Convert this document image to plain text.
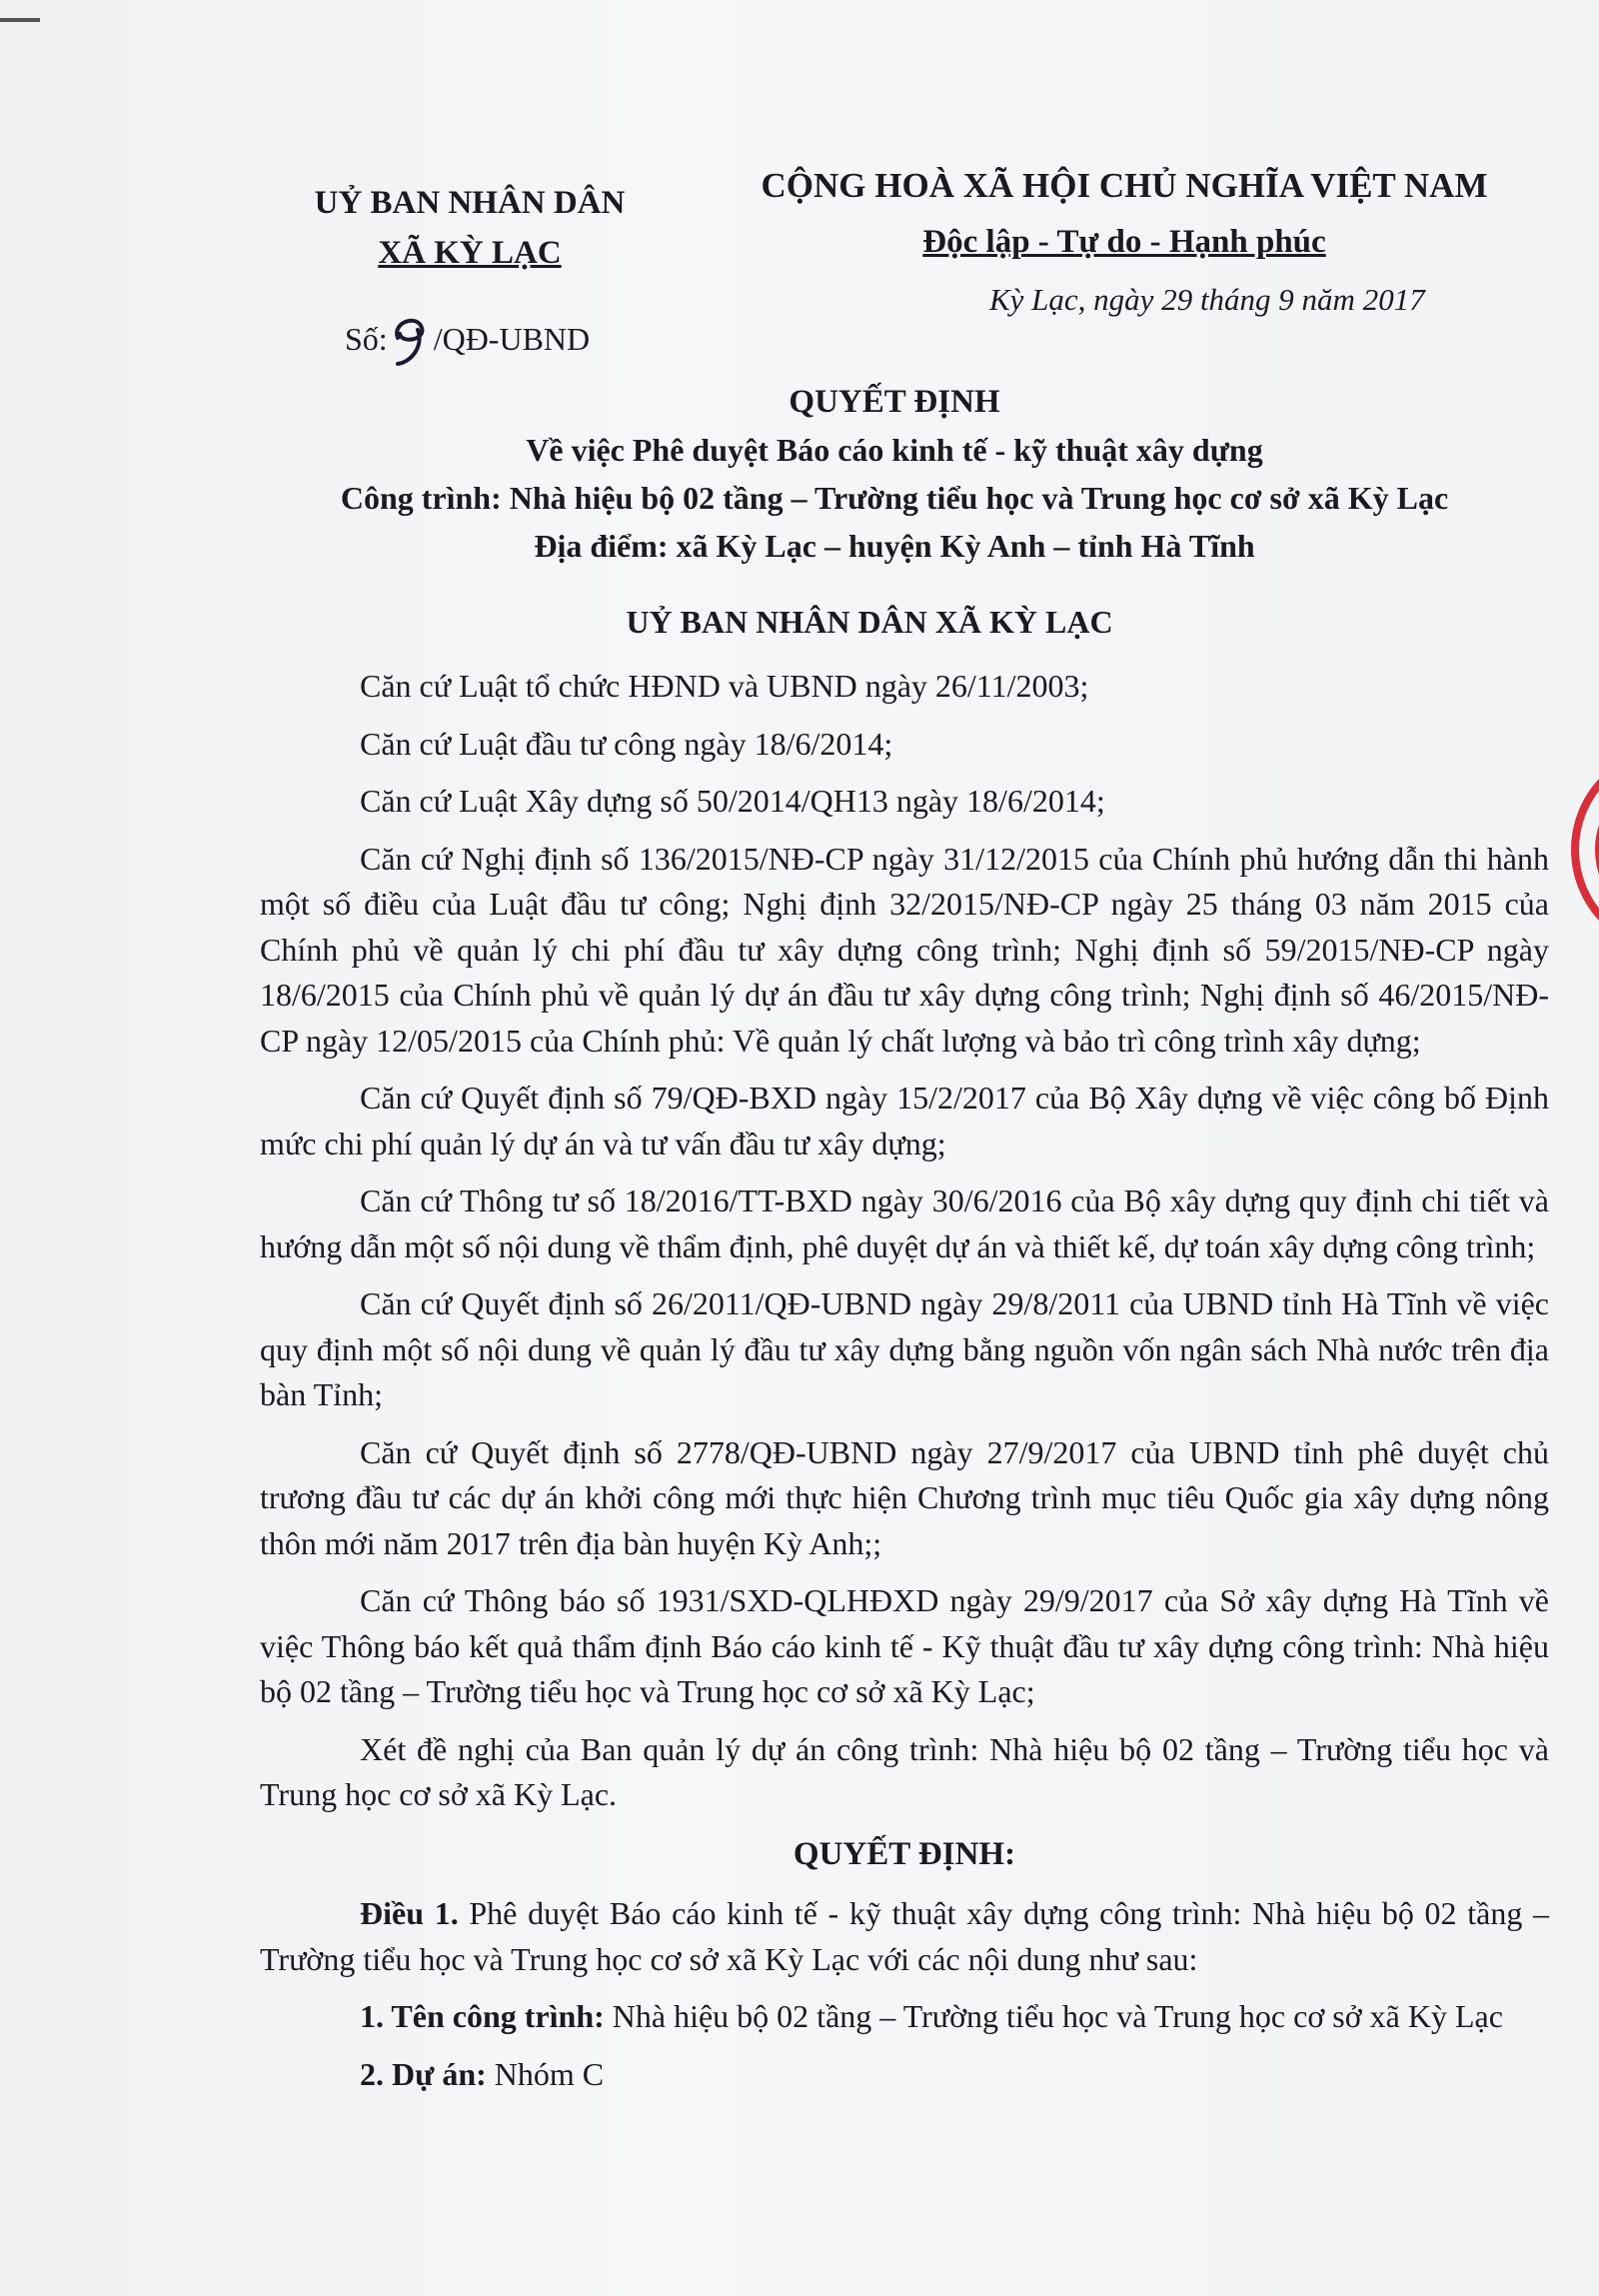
UỶ BAN NHÂN DÂN
XÃ KỲ LẠC
CỘNG HOÀ XÃ HỘI CHỦ NGHĨA VIỆT NAM
Độc lập - Tự do - Hạnh phúc
Số: /QĐ-UBND
Kỳ Lạc, ngày 29 tháng 9 năm 2017
QUYẾT ĐỊNH
Về việc Phê duyệt Báo cáo kinh tế - kỹ thuật xây dựng
Công trình: Nhà hiệu bộ 02 tầng – Trường tiểu học và Trung học cơ sở xã Kỳ Lạc
Địa điểm: xã Kỳ Lạc – huyện Kỳ Anh – tỉnh Hà Tĩnh
UỶ BAN NHÂN DÂN XÃ KỲ LẠC

Căn cứ Luật tổ chức HĐND và UBND ngày 26/11/2003;

Căn cứ Luật đầu tư công ngày 18/6/2014;

Căn cứ Luật Xây dựng số 50/2014/QH13 ngày 18/6/2014;

Căn cứ Nghị định số 136/2015/NĐ-CP ngày 31/12/2015 của Chính phủ hướng dẫn thi hành một số điều của Luật đầu tư công; Nghị định 32/2015/NĐ-CP ngày 25 tháng 03 năm 2015 của Chính phủ về quản lý chi phí đầu tư xây dựng công trình; Nghị định số 59/2015/NĐ-CP ngày 18/6/2015 của Chính phủ về quản lý dự án đầu tư xây dựng công trình; Nghị định số 46/2015/NĐ-CP ngày 12/05/2015 của Chính phủ: Về quản lý chất lượng và bảo trì công trình xây dựng;

Căn cứ Quyết định số 79/QĐ-BXD ngày 15/2/2017 của Bộ Xây dựng về việc công bố Định mức chi phí quản lý dự án và tư vấn đầu tư xây dựng;

Căn cứ Thông tư số 18/2016/TT-BXD ngày 30/6/2016 của Bộ xây dựng quy định chi tiết và hướng dẫn một số nội dung về thẩm định, phê duyệt dự án và thiết kế, dự toán xây dựng công trình;

Căn cứ Quyết định số 26/2011/QĐ-UBND ngày 29/8/2011 của UBND tỉnh Hà Tĩnh về việc quy định một số nội dung về quản lý đầu tư xây dựng bằng nguồn vốn ngân sách Nhà nước trên địa bàn Tỉnh;

Căn cứ Quyết định số 2778/QĐ-UBND ngày 27/9/2017 của UBND tỉnh phê duyệt chủ trương đầu tư các dự án khởi công mới thực hiện Chương trình mục tiêu Quốc gia xây dựng nông thôn mới năm 2017 trên địa bàn huyện Kỳ Anh;;

Căn cứ Thông báo số 1931/SXD-QLHĐXD ngày 29/9/2017 của Sở xây dựng Hà Tĩnh về việc Thông báo kết quả thẩm định Báo cáo kinh tế - Kỹ thuật đầu tư xây dựng công trình: Nhà hiệu bộ 02 tầng – Trường tiểu học và Trung học cơ sở xã Kỳ Lạc;

Xét đề nghị của Ban quản lý dự án công trình: Nhà hiệu bộ 02 tầng – Trường tiểu học và Trung học cơ sở xã Kỳ Lạc.

QUYẾT ĐỊNH:

Điều 1. Phê duyệt Báo cáo kinh tế - kỹ thuật xây dựng công trình: Nhà hiệu bộ 02 tầng – Trường tiểu học và Trung học cơ sở xã Kỳ Lạc với các nội dung như sau:

1. Tên công trình: Nhà hiệu bộ 02 tầng – Trường tiểu học và Trung học cơ sở xã Kỳ Lạc

2. Dự án: Nhóm C
